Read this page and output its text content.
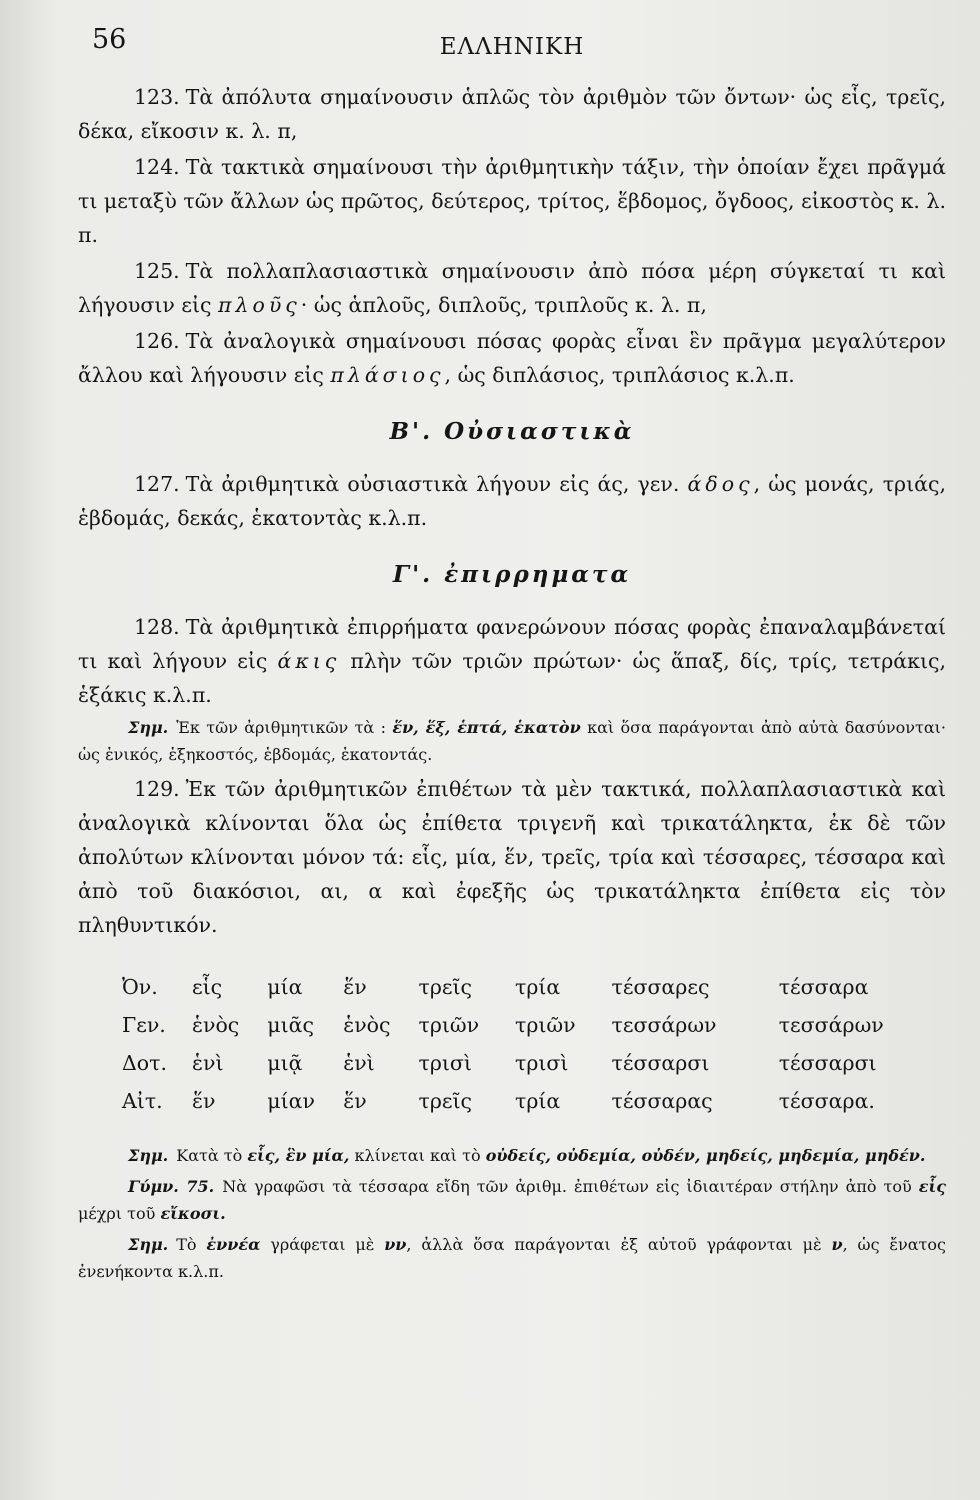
56	ΕΛΛΗΝΙΚΗ

123. Τὰ ἀπόλυτα σημαίνουσιν ἁπλῶς τὸν ἀριθμὸν τῶν ὄντων· ὡς εἷς, τρεῖς, δέκα, εἴκοσιν κ. λ. π,

124. Τὰ τακτικὰ σημαίνουσι τὴν ἀριθμητικὴν τάξιν, τὴν ὁποίαν ἔχει πρᾶγμά τι μεταξὺ τῶν ἄλλων ὡς πρῶτος, δεύτερος, τρίτος, ἕβδομος, ὄγδοος, εἰκοστὸς κ. λ. π.

125. Τὰ πολλαπλασιαστικὰ σημαίνουσιν ἀπὸ πόσα μέρη σύγκεταί τι καὶ λήγουσιν εἰς πλοῦς· ὡς ἁπλοῦς, διπλοῦς, τριπλοῦς κ. λ. π,

126. Τὰ ἀναλογικὰ σημαίνουσι πόσας φορὰς εἶναι ἓν πρᾶγμα μεγαλύτερον ἄλλου καὶ λήγουσιν εἰς πλάσιος, ὡς διπλάσιος, τριπλάσιος κ.λ.π.

Β'. Οὐσιαστικὰ

127. Τὰ ἀριθμητικὰ οὐσιαστικὰ λήγουν εἰς άς, γεν. άδος, ὡς μονάς, τριάς, ἑβδομάς, δεκάς, ἑκατοντὰς κ.λ.π.

Γ'. ἐπιρρηματα

128. Τὰ ἀριθμητικὰ ἐπιρρήματα φανερώνουν πόσας φορὰς ἐπαναλαμβάνεταί τι καὶ λήγουν εἰς άκις πλὴν τῶν τριῶν πρώτων· ὡς ἅπαξ, δίς, τρίς, τετράκις, ἑξάκις κ.λ.π.

Σημ. Ἐκ τῶν ἀριθμητικῶν τὰ : ἕν, ἕξ, ἑπτά, ἑκατὸν καὶ ὅσα παράγονται ἀπὸ αὐτὰ δασύνονται· ὡς ἑνικός, ἑξηκοστός, ἑβδομάς, ἑκατοντάς.

129. Ἐκ τῶν ἀριθμητικῶν ἐπιθέτων τὰ μὲν τακτικά, πολλαπλασιαστικὰ καὶ ἀναλογικὰ κλίνονται ὅλα ὡς ἐπίθετα τριγενῆ καὶ τρικατάληκτα, ἐκ δὲ τῶν ἀπολύτων κλίνονται μόνον τά: εἷς, μία, ἕν, τρεῖς, τρία καὶ τέσσαρες, τέσσαρα καὶ ἀπὸ τοῦ διακόσιοι, αι, α καὶ ἐφεξῆς ὡς τρικατάληκτα ἐπίθετα εἰς τὸν πληθυντικόν.

Ὀν.	εἷς	μία	ἕν	τρεῖς	τρία	τέσσαρες	τέσσαρα
Γεν.	ἑνὸς	μιᾶς	ἑνὸς	τριῶν	τριῶν	τεσσάρων	τεσσάρων
Δοτ.	ἑνὶ	μιᾷ	ἑνὶ	τρισὶ	τρισὶ	τέσσαρσι	τέσσαρσι
Αἰτ.	ἕν	μίαν	ἕν	τρεῖς	τρία	τέσσαρας	τέσσαρα.

Σημ. Κατὰ τὸ εἷς, ἓν μία, κλίνεται καὶ τὸ οὐδείς, οὐδεμία, οὐδέν, μηδείς, μηδεμία, μηδέν.

Γύμν. 75. Νὰ γραφῶσι τὰ τέσσαρα εἴδη τῶν ἀριθμ. ἐπιθέτων εἰς ἰδιαιτέραν στήλην ἀπὸ τοῦ εἷς μέχρι τοῦ εἴκοσι.

Σημ. Τὸ ἐννέα γράφεται μὲ νν, ἀλλὰ ὅσα παράγονται ἐξ αὐτοῦ γράφονται μὲ ν, ὡς ἔνατος ἐνενήκοντα κ.λ.π.
